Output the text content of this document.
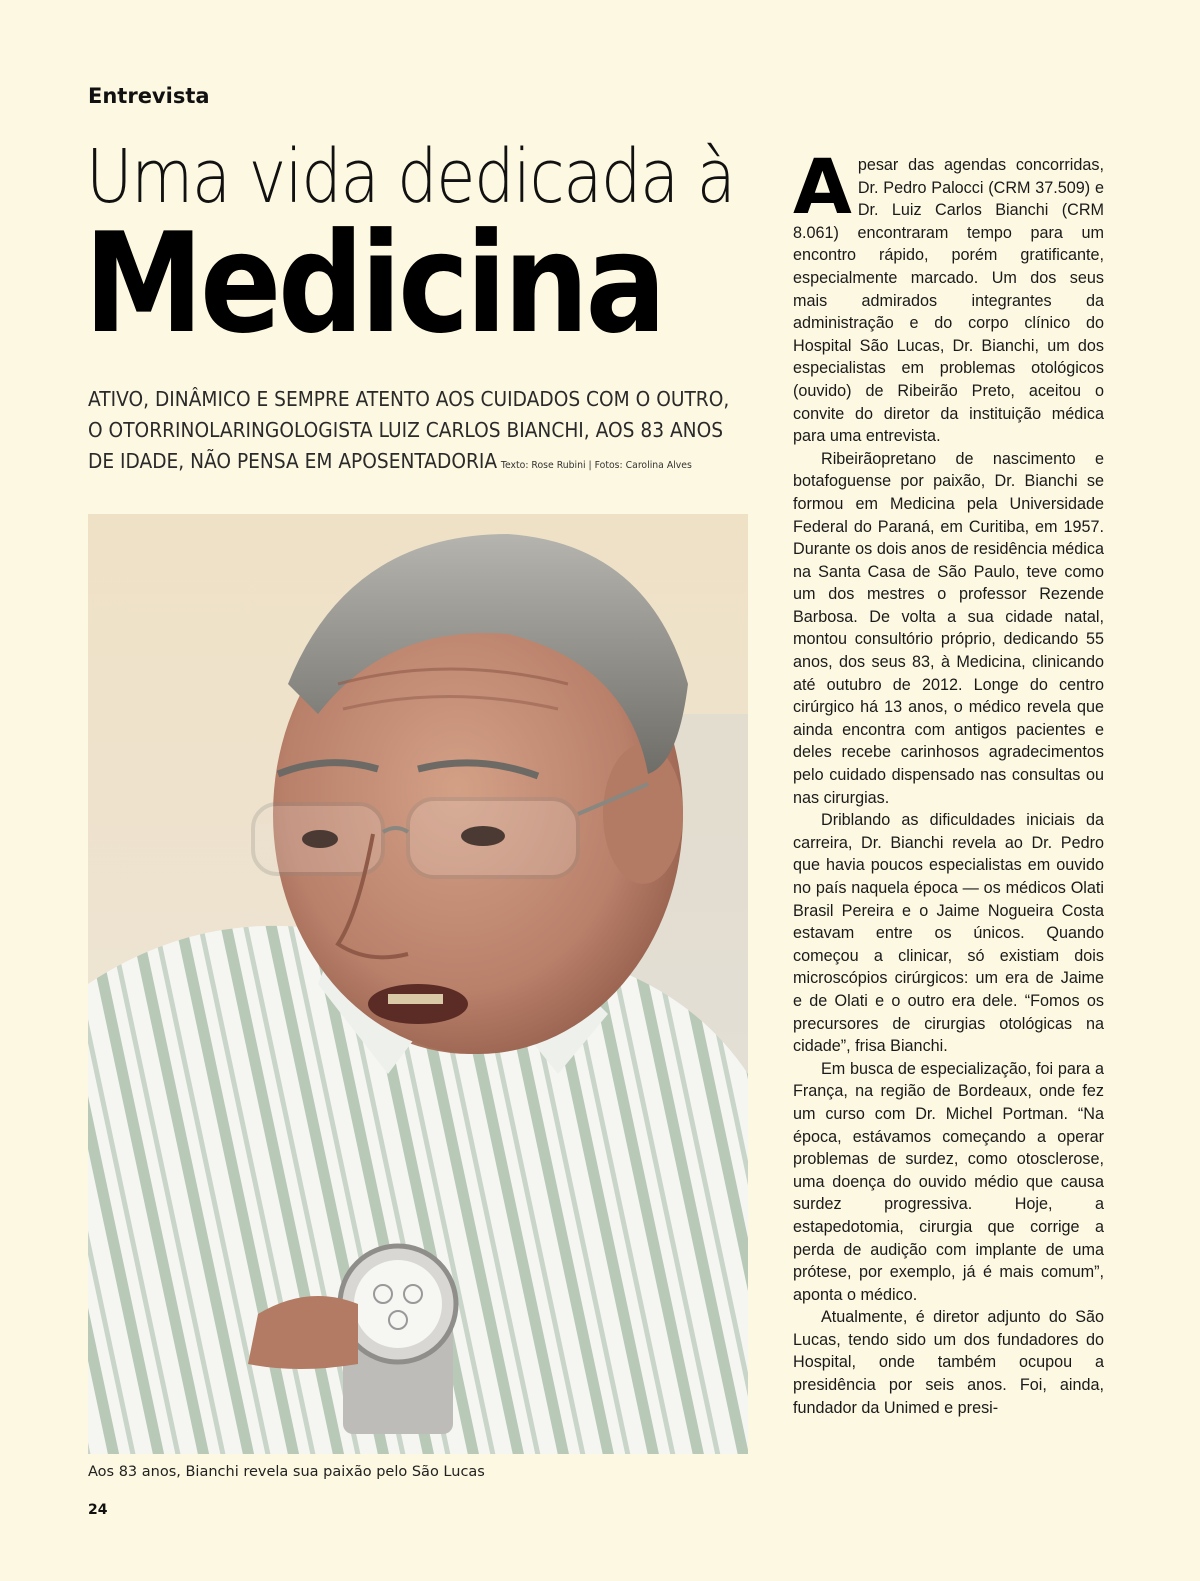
Entrevista
Uma vida dedicada à
Medicina
ATIVO, DINÂMICO E SEMPRE ATENTO AOS CUIDADOS COM O OUTRO,
O OTORRINOLARINGOLOGISTA LUIZ CARLOS BIANCHI, AOS 83 ANOS
DE IDADE, NÃO PENSA EM APOSENTADORIA Texto: Rose Rubini | Fotos: Carolina Alves
Aos 83 anos, Bianchi revela sua paixão pelo São Lucas
24

Apesar das agendas concorridas, Dr. Pedro Palocci (CRM 37.509) e Dr. Luiz Carlos Bianchi (CRM 8.061) encontraram tempo para um encontro rápido, porém gratificante, especialmente marcado. Um dos seus mais admirados integrantes da administração e do corpo clínico do Hospital São Lucas, Dr. Bianchi, um dos especialistas em problemas otológicos (ouvido) de Ribeirão Preto, aceitou o convite do diretor da instituição médica para uma entrevista.

Ribeirãopretano de nascimento e botafoguense por paixão, Dr. Bianchi se formou em Medicina pela Universidade Federal do Paraná, em Curitiba, em 1957. Durante os dois anos de residência médica na Santa Casa de São Paulo, teve como um dos mestres o professor Rezende Barbosa. De volta a sua cidade natal, montou consultório próprio, dedicando 55 anos, dos seus 83, à Medicina, clinicando até outubro de 2012. Longe do centro cirúrgico há 13 anos, o médico revela que ainda encontra com antigos pacientes e deles recebe carinhosos agradecimentos pelo cuidado dispensado nas consultas ou nas cirurgias.

Driblando as dificuldades iniciais da carreira, Dr. Bianchi revela ao Dr. Pedro que havia poucos especialistas em ouvido no país naquela época — os médicos Olati Brasil Pereira e o Jaime Nogueira Costa estavam entre os únicos. Quando começou a clinicar, só existiam dois microscópios cirúrgicos: um era de Jaime e de Olati e o outro era dele. “Fomos os precursores de cirurgias otológicas na cidade”, frisa Bianchi.

Em busca de especialização, foi para a França, na região de Bordeaux, onde fez um curso com Dr. Michel Portman. “Na época, estávamos começando a operar problemas de surdez, como otosclerose, uma doença do ouvido médio que causa surdez progressiva. Hoje, a estapedotomia, cirurgia que corrige a perda de audição com implante de uma prótese, por exemplo, já é mais comum”, aponta o médico.

Atualmente, é diretor adjunto do São Lucas, tendo sido um dos fundadores do Hospital, onde também ocupou a presidência por seis anos. Foi, ainda, fundador da Unimed e presi-
